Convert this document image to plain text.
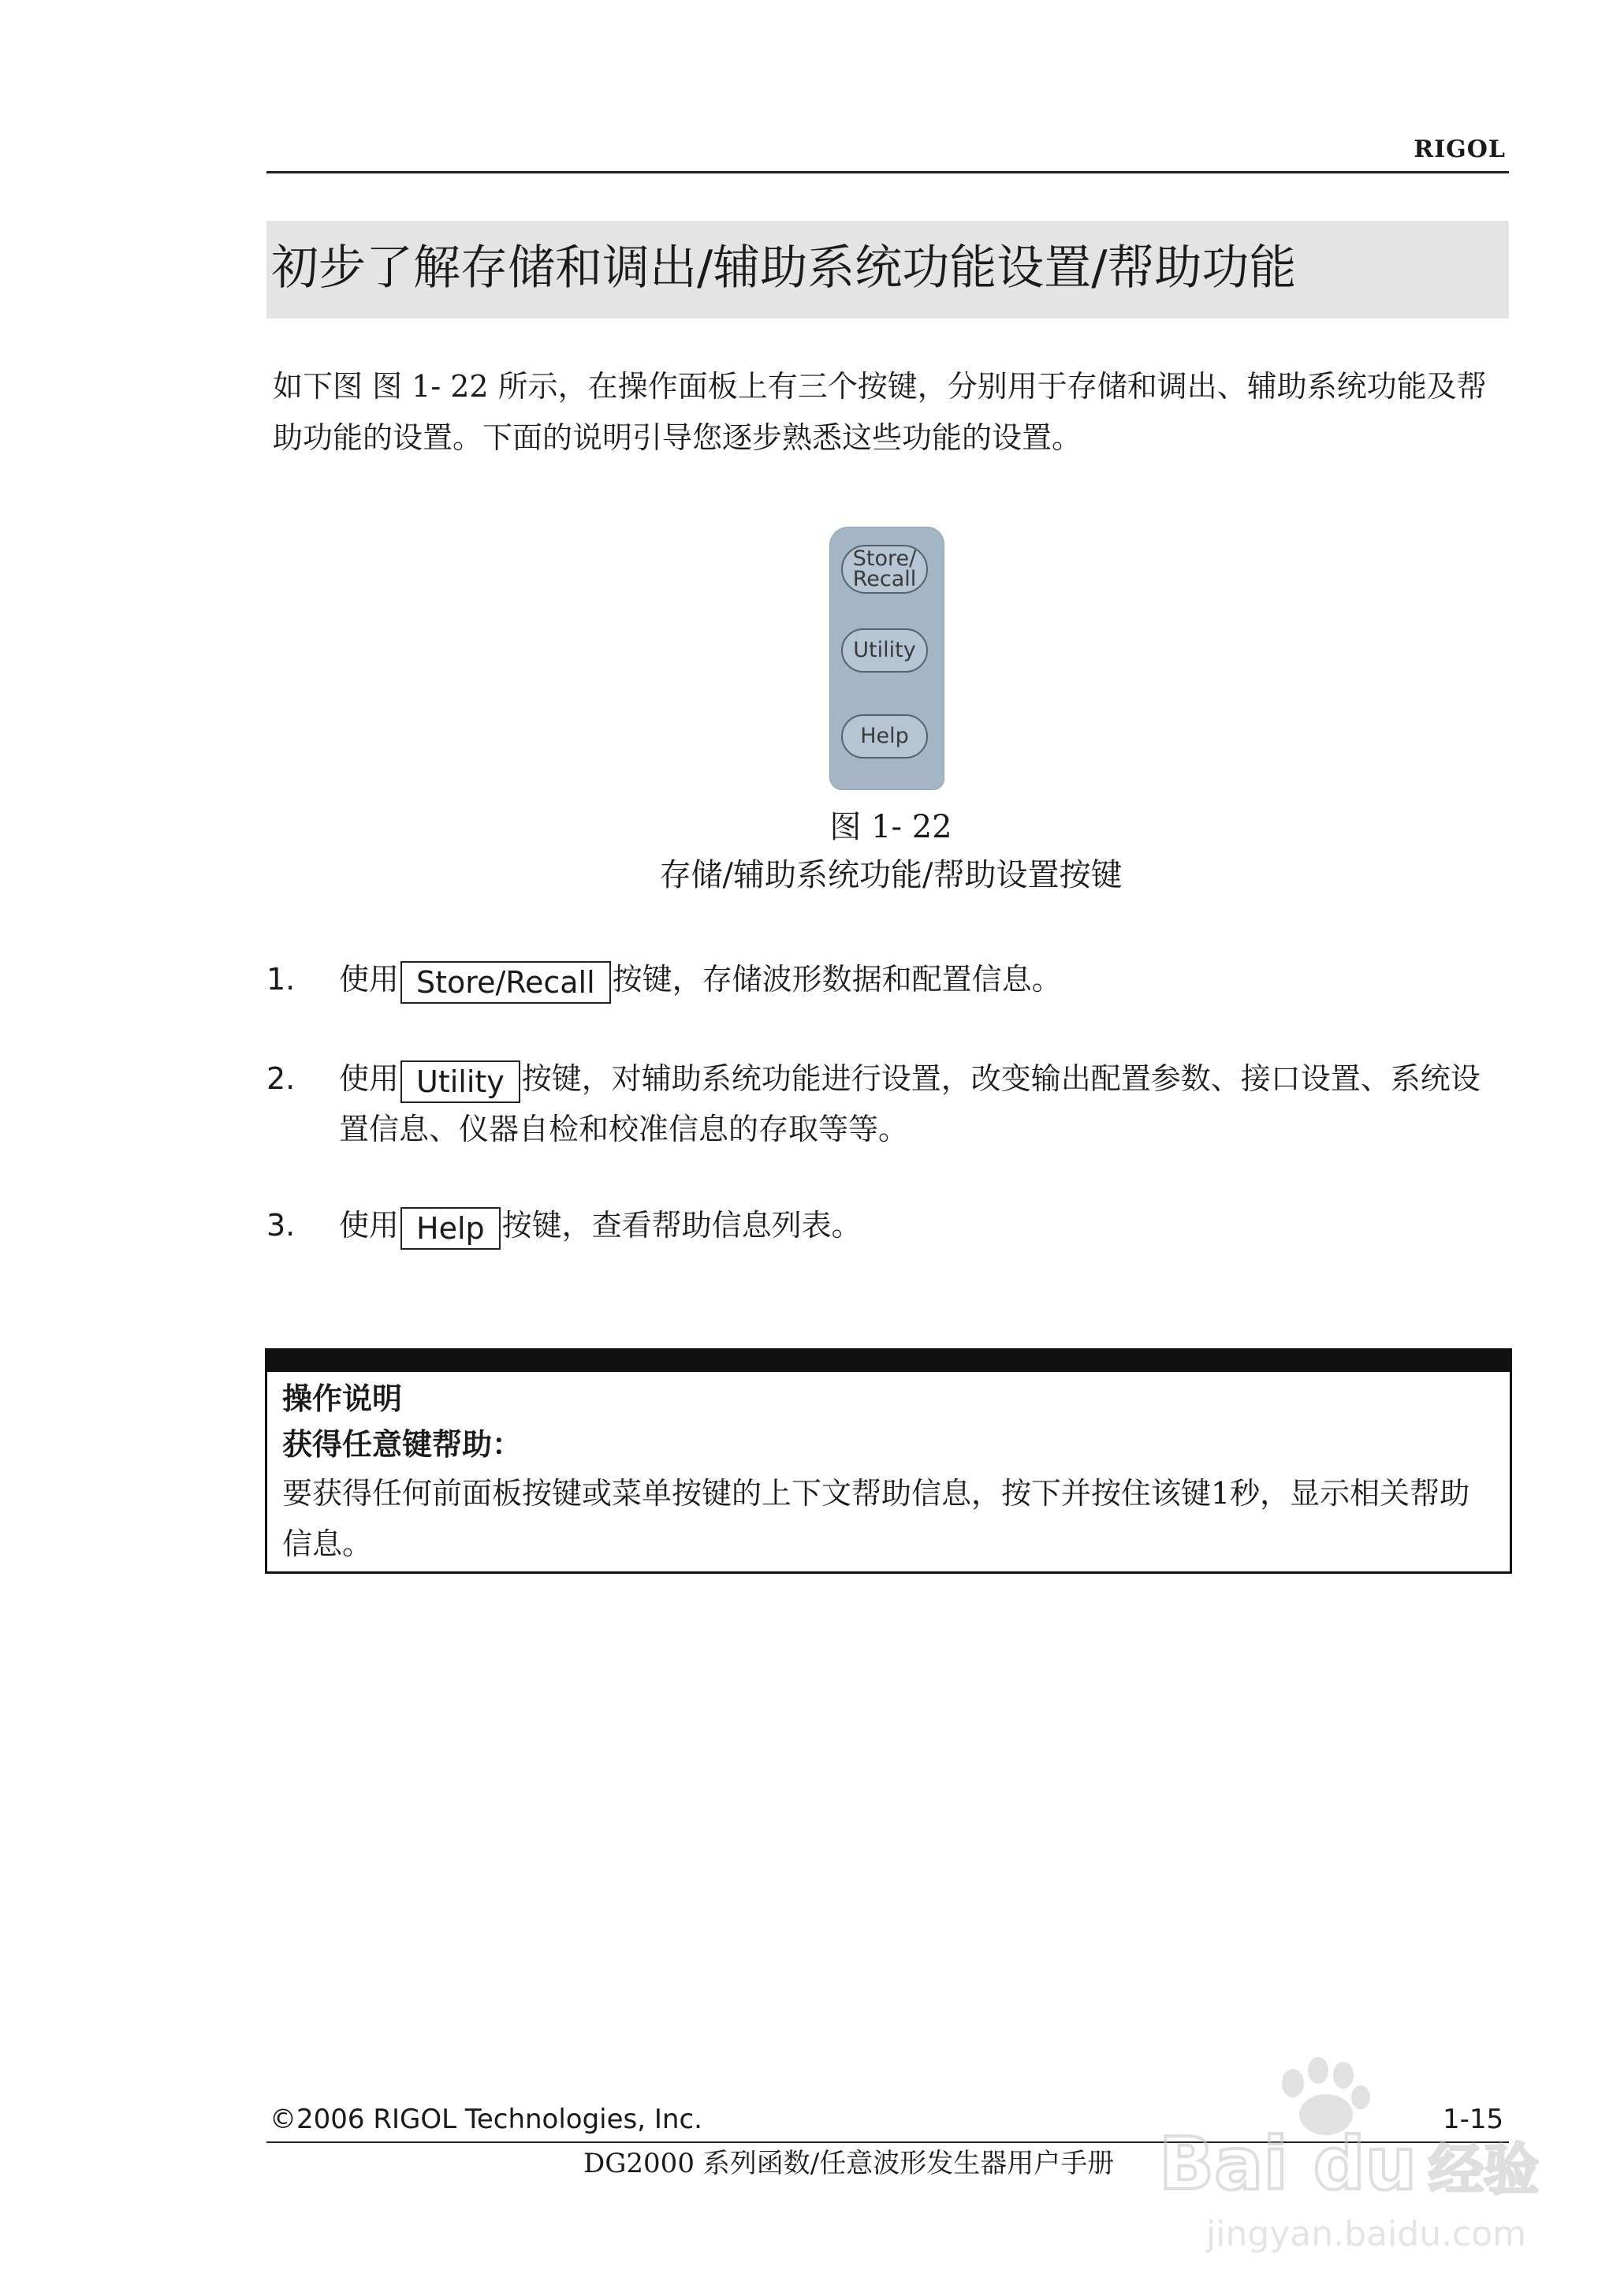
RIGOL
初步了解存储和调出/辅助系统功能设置/帮助功能
如下图 图 1- 22 所示，在操作面板上有三个按键，分别用于存储和调出、辅助系统功能及帮助功能的设置。下面的说明引导您逐步熟悉这些功能的设置。
Store/
Recall
Utility
Help
图 1- 22
存储/辅助系统功能/帮助设置按键
1. 使用 Store/Recall 按键，存储波形数据和配置信息。
2. 使用 Utility 按键，对辅助系统功能进行设置，改变输出配置参数、接口设置、系统设置信息、仪器自检和校准信息的存取等等。
3. 使用 Help 按键，查看帮助信息列表。
操作说明
获得任意键帮助：
要获得任何前面板按键或菜单按键的上下文帮助信息，按下并按住该键1秒，显示相关帮助信息。
©2006 RIGOL Technologies, Inc.	1-15
DG2000 系列函数/任意波形发生器用户手册 Bai du 经验
jingyan.baidu.com
